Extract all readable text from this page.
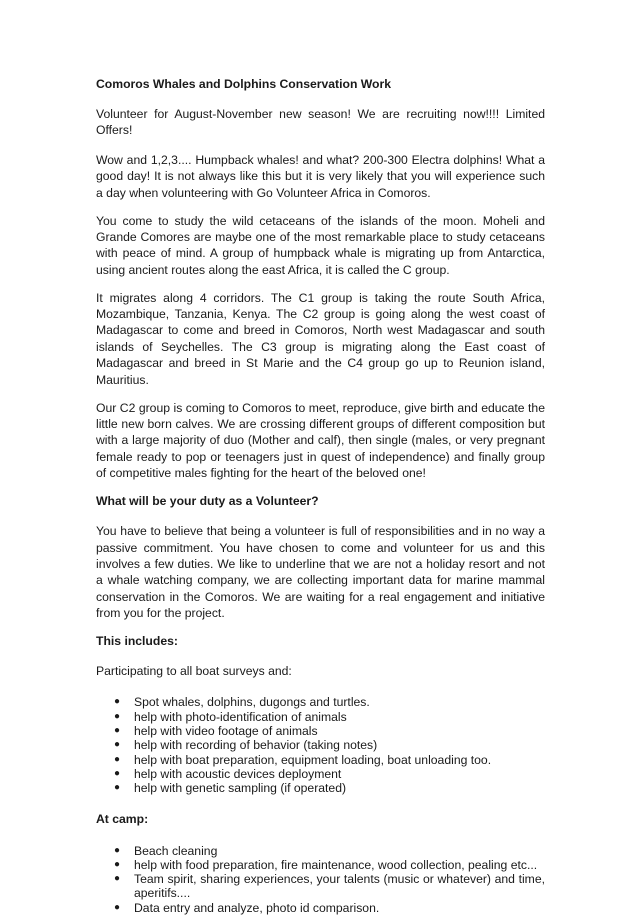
Comoros Whales and Dolphins Conservation Work

Volunteer for August-November new season! We are recruiting now!!!! Limited Offers!

Wow and 1,2,3.... Humpback whales! and what? 200-300 Electra dolphins! What a good day! It is not always like this but it is very likely that you will experience such a day when volunteering with Go Volunteer Africa in Comoros.

You come to study the wild cetaceans of the islands of the moon. Moheli and Grande Comores are maybe one of the most remarkable place to study cetaceans with peace of mind. A group of humpback whale is migrating up from Antarctica, using ancient routes along the east Africa, it is called the C group.

It migrates along 4 corridors. The C1 group is taking the route South Africa, Mozambique, Tanzania, Kenya. The C2 group is going along the west coast of Madagascar to come and breed in Comoros, North west Madagascar and south islands of Seychelles. The C3 group is migrating along the East coast of Madagascar and breed in St Marie and the C4 group go up to Reunion island, Mauritius.

Our C2 group is coming to Comoros to meet, reproduce, give birth and educate the little new born calves. We are crossing different groups of different composition but with a large majority of duo (Mother and calf), then single (males, or very pregnant female ready to pop or teenagers just in quest of independence) and finally group of competitive males fighting for the heart of the beloved one!

What will be your duty as a Volunteer?

You have to believe that being a volunteer is full of responsibilities and in no way a passive commitment. You have chosen to come and volunteer for us and this involves a few duties. We like to underline that we are not a holiday resort and not a whale watching company, we are collecting important data for marine mammal conservation in the Comoros. We are waiting for a real engagement and initiative from you for the project.

This includes:

Participating to all boat surveys and:

● Spot whales, dolphins, dugongs and turtles.
● help with photo-identification of animals
● help with video footage of animals
● help with recording of behavior (taking notes)
● help with boat preparation, equipment loading, boat unloading too.
● help with acoustic devices deployment
● help with genetic sampling (if operated)
At camp:
● Beach cleaning
● help with food preparation, fire maintenance, wood collection, pealing etc...
● Team spirit, sharing experiences, your talents (music or whatever) and time, aperitifs....
● Data entry and analyze, photo id comparison.
